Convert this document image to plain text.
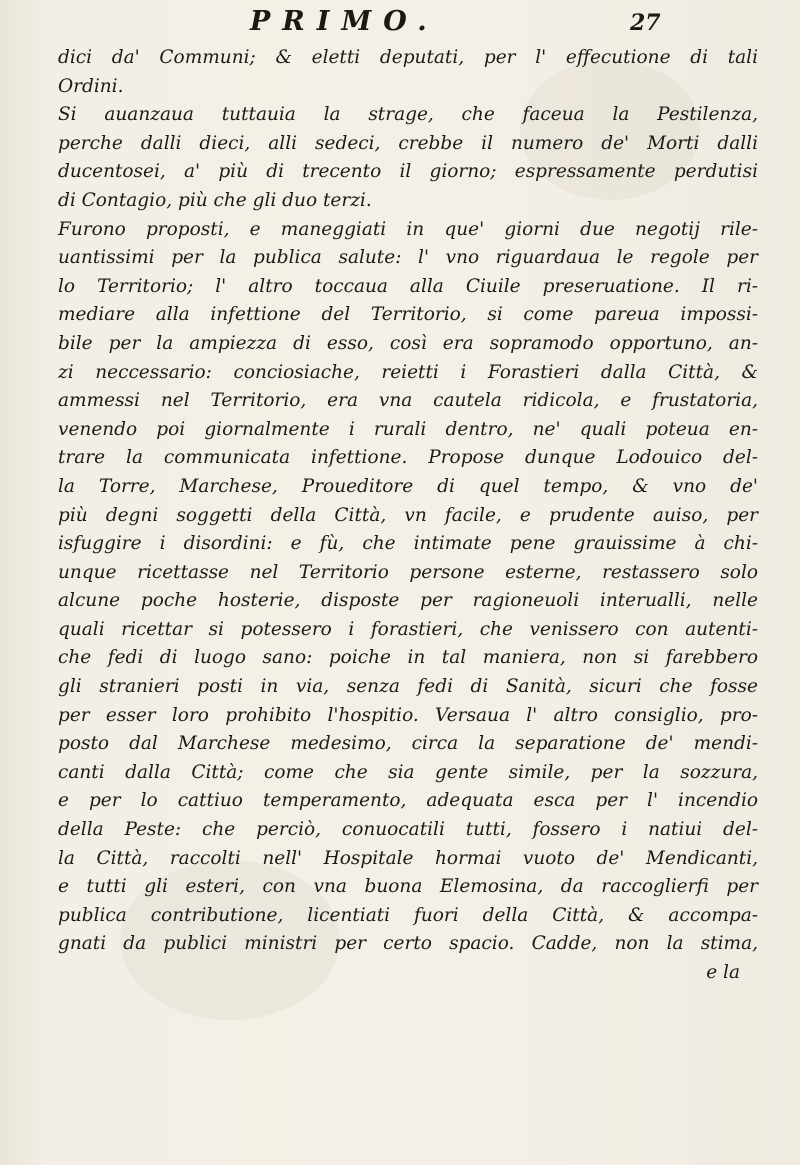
PRIMO.	27
dici da' Communi; & eletti deputati, per l' effecutione di tali
Ordini.
Si auanzaua tuttauia la strage, che faceua la Pestilenza,
perche dalli dieci, alli sedeci, crebbe il numero de' Morti dalli
ducentosei, a' più di trecento il giorno; espressamente perdutisi
di Contagio, più che gli duo terzi.
Furono proposti, e maneggiati in que' giorni due negotij rile-
uantissimi per la publica salute: l' vno riguardaua le regole per
lo Territorio; l' altro toccaua alla Ciuile preseruatione. Il ri-
mediare alla infettione del Territorio, si come pareua impossi-
bile per la ampiezza di esso, così era sopramodo opportuno, an-
zi neccessario: conciosiache, reietti i Forastieri dalla Città, &
ammessi nel Territorio, era vna cautela ridicola, e frustatoria,
venendo poi giornalmente i rurali dentro, ne' quali poteua en-
trare la communicata infettione. Propose dunque Lodouico del-
la Torre, Marchese, Proueditore di quel tempo, & vno de'
più degni soggetti della Città, vn facile, e prudente auiso, per
isfuggire i disordini: e fù, che intimate pene grauissime à chi-
unque ricettasse nel Territorio persone esterne, restassero solo
alcune poche hosterie, disposte per ragioneuoli interualli, nelle
quali ricettar si potessero i forastieri, che venissero con autenti-
che fedi di luogo sano: poiche in tal maniera, non si farebbero
gli stranieri posti in via, senza fedi di Sanità, sicuri che fosse
per esser loro prohibito l'hospitio. Versaua l' altro consiglio, pro-
posto dal Marchese medesimo, circa la separatione de' mendi-
canti dalla Città; come che sia gente simile, per la sozzura,
e per lo cattiuo temperamento, adequata esca per l' incendio
della Peste: che perciò, conuocatili tutti, fossero i natiui del-
la Città, raccolti nell' Hospitale hormai vuoto de' Mendicanti,
e tutti gli esteri, con vna buona Elemosina, da raccoglierfi per
publica contributione, licentiati fuori della Città, & accompa-
gnati da publici ministri per certo spacio. Cadde, non la stima,
e la
